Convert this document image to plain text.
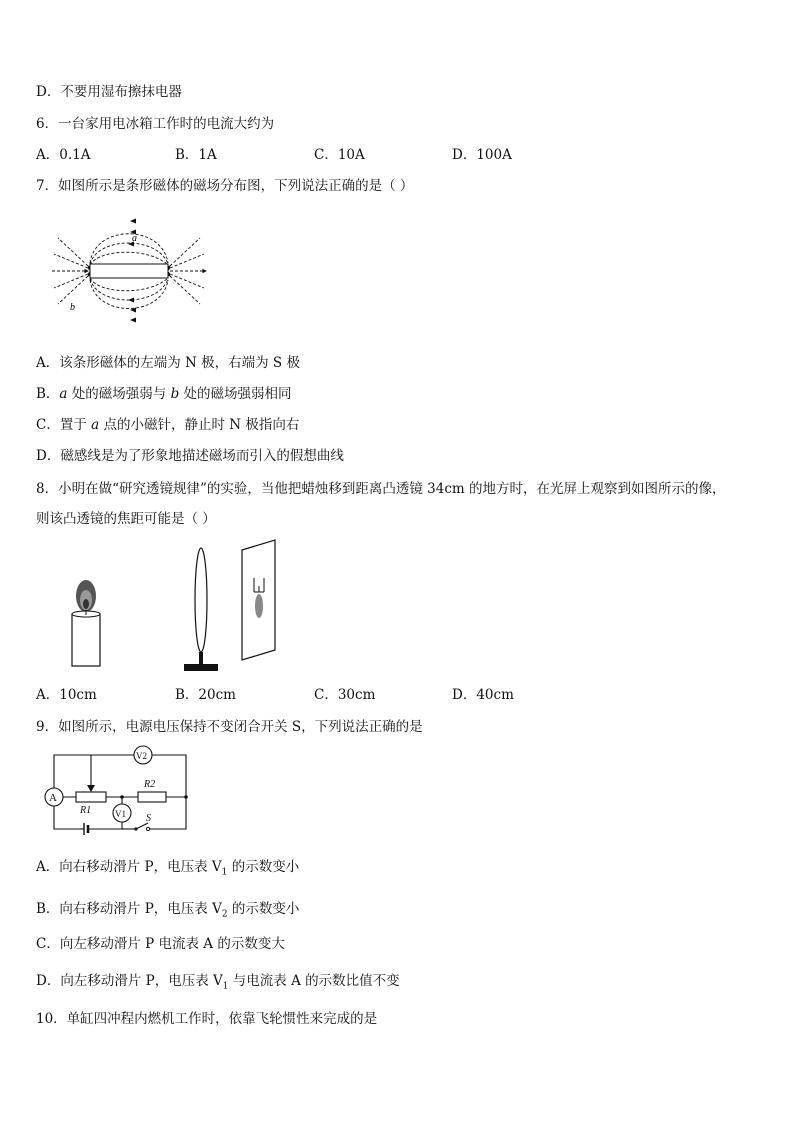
D．不要用湿布擦抹电器
6．一台家用电冰箱工作时的电流大约为
A．0.1A	B．1A	C．10A	D．100A
7．如图所示是条形磁体的磁场分布图，下列说法正确的是（ ）
a
b
A．该条形磁体的左端为 N 极，右端为 S 极
B．a 处的磁场强弱与 b 处的磁场强弱相同
C．置于 a 点的小磁针，静止时 N 极指向右
D．磁感线是为了形象地描述磁场而引入的假想曲线
8．小明在做“研究透镜规律”的实验，当他把蜡烛移到距离凸透镜 34cm 的地方时，在光屏上观察到如图所示的像，
则该凸透镜的焦距可能是（ ）
A．10cm	B．20cm	C．30cm	D．40cm
9．如图所示，电源电压保持不变闭合开关 S，下列说法正确的是
A
V2
V1
R1
R2
S
A．向右移动滑片 P，电压表 $V_1$ 的示数变小
B．向右移动滑片 P，电压表 $V_2$ 的示数变小
C．向左移动滑片 P 电流表 A 的示数变大
D．向左移动滑片 P，电压表 $V_1$ 与电流表 A 的示数比值不变
10．单缸四冲程内燃机工作时，依靠飞轮惯性来完成的是
